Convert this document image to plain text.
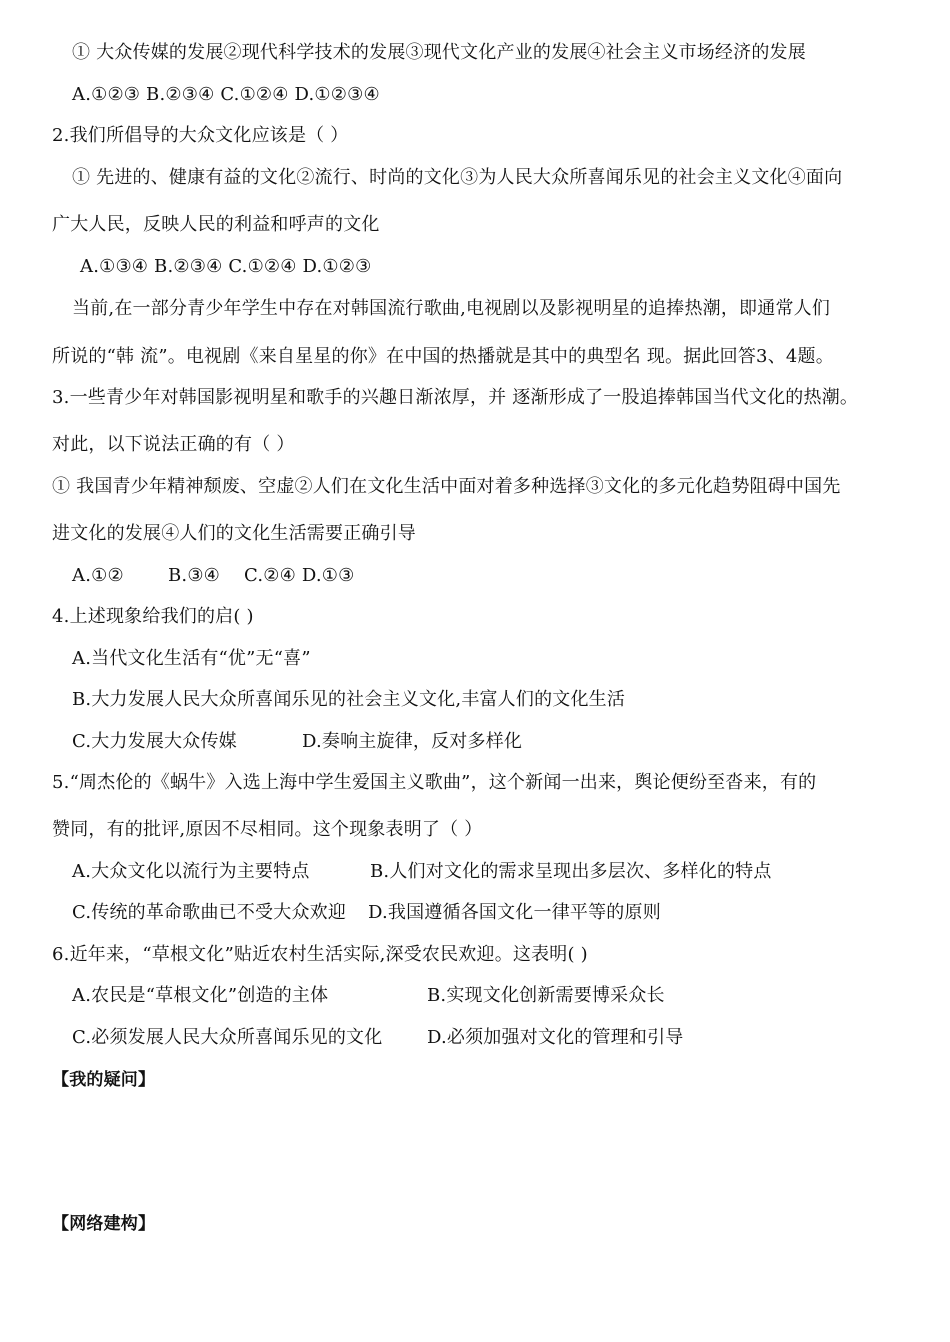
① 大众传媒的发展②现代科学技术的发展③现代文化产业的发展④社会主义市场经济的发展
A.①②③ B.②③④ C.①②④ D.①②③④
2.我们所倡导的大众文化应该是（ ）
① 先进的、健康有益的文化②流行、时尚的文化③为人民大众所喜闻乐见的社会主义文化④面向
广大人民，反映人民的利益和呼声的文化
A.①③④ B.②③④ C.①②④ D.①②③
当前,在一部分青少年学生中存在对韩国流行歌曲,电视剧以及影视明星的追捧热潮，即通常人们
所说的“韩 流”。电视剧《来自星星的你》在中国的热播就是其中的典型名 现。据此回答3、4题。
3.一些青少年对韩国影视明星和歌手的兴趣日渐浓厚，并 逐渐形成了一股追捧韩国当代文化的热潮。
对此，以下说法正确的有（ ）
① 我国青少年精神颓废、空虚②人们在文化生活中面对着多种选择③文化的多元化趋势阻碍中国先
进文化的发展④人们的文化生活需要正确引导
A.①② B.③④ C.②④ D.①③
4.上述现象给我们的启( )
A.当代文化生活有“优”无“喜”
B.大力发展人民大众所喜闻乐见的社会主义文化,丰富人们的文化生活
C.大力发展大众传媒	D.奏响主旋律，反对多样化
5.“周杰伦的《蜗牛》入选上海中学生爱国主义歌曲”，这个新闻一出来，舆论便纷至沓来，有的
赞同，有的批评,原因不尽相同。这个现象表明了（ ）
A.大众文化以流行为主要特点	B.人们对文化的需求呈现出多层次、多样化的特点
C.传统的革命歌曲已不受大众欢迎 D.我国遵循各国文化一律平等的原则
6.近年来，“草根文化”贴近农村生活实际,深受农民欢迎。这表明( )
A.农民是“草根文化”创造的主体	B.实现文化创新需要博采众长
C.必须发展人民大众所喜闻乐见的文化 D.必须加强对文化的管理和引导
【我的疑问】
【网络建构】
